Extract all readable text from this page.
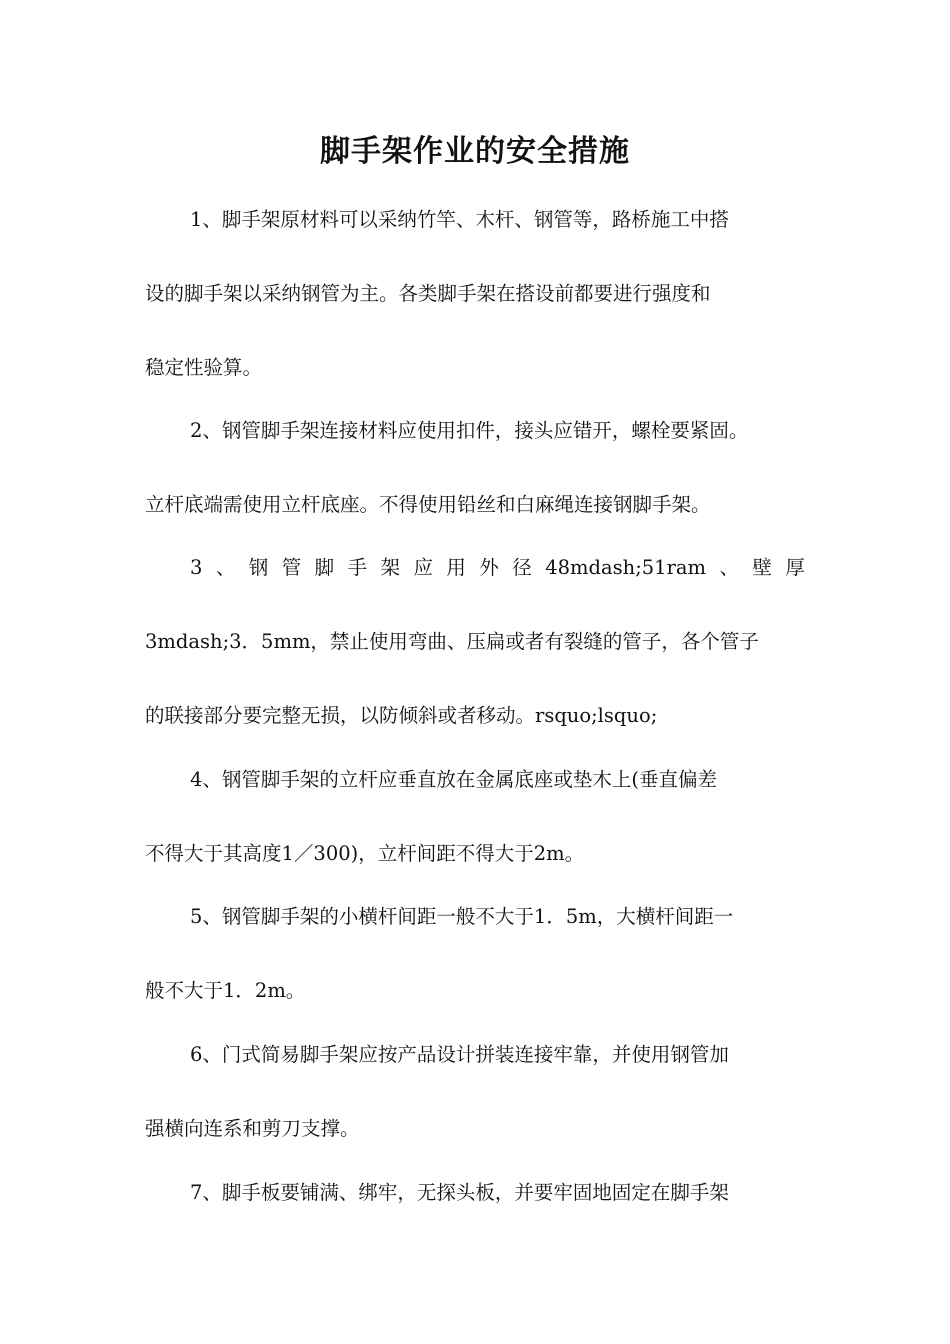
脚手架作业的安全措施

1、脚手架原材料可以采纳竹竿、木杆、钢管等，路桥施工中搭

设的脚手架以采纳钢管为主。各类脚手架在搭设前都要进行强度和

稳定性验算。

2、钢管脚手架连接材料应使用扣件，接头应错开，螺栓要紧固。

立杆底端需使用立杆底座。不得使用铅丝和白麻绳连接钢脚手架。

3 、 钢 管 脚 手 架 应 用 外 径 48mdash;51ram 、 壁 厚

3mdash;3．5mm，禁止使用弯曲、压扁或者有裂缝的管子，各个管子

的联接部分要完整无损，以防倾斜或者移动。rsquo;lsquo;

4、钢管脚手架的立杆应垂直放在金属底座或垫木上(垂直偏差

不得大于其高度1／300)，立杆间距不得大于2m。

5、钢管脚手架的小横杆间距一般不大于1．5m，大横杆间距一

般不大于1．2m。

6、门式简易脚手架应按产品设计拼装连接牢靠，并使用钢管加

强横向连系和剪刀支撑。

7、脚手板要铺满、绑牢，无探头板，并要牢固地固定在脚手架
